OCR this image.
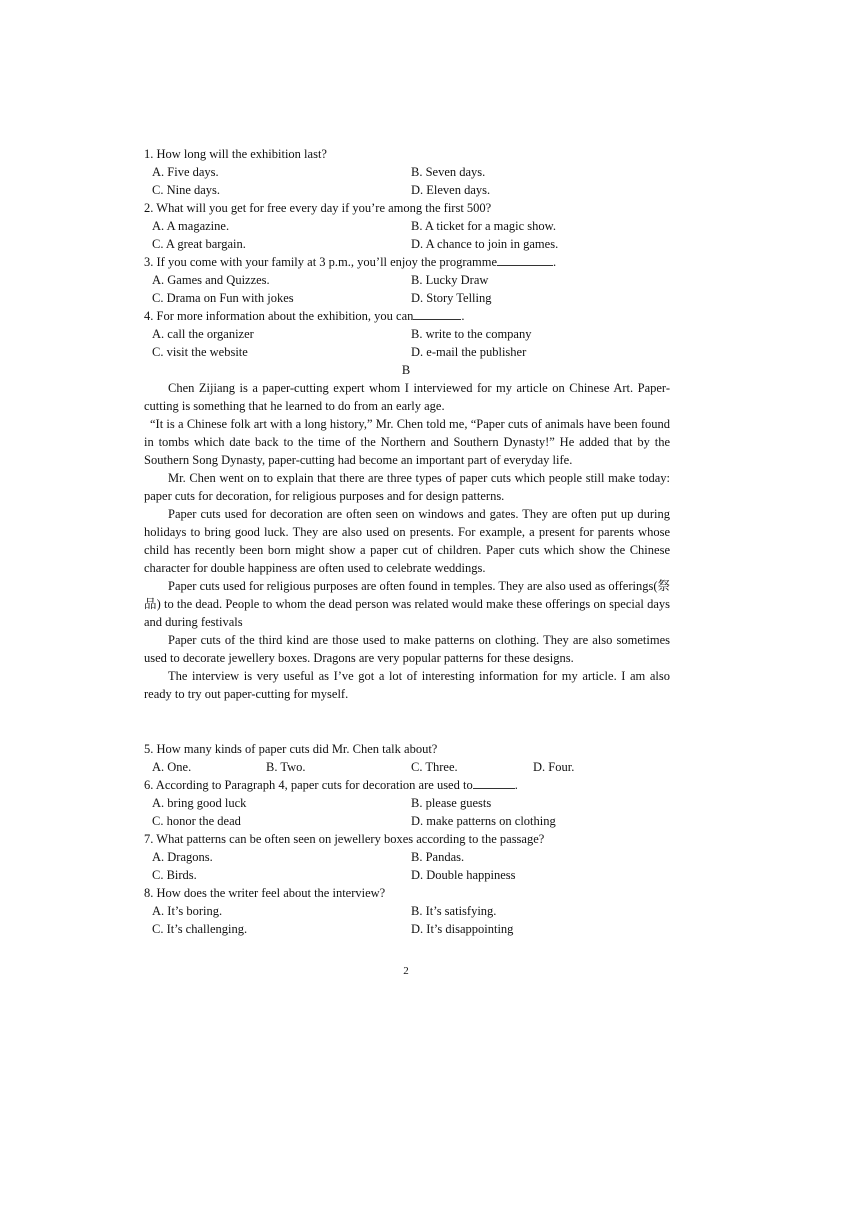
1. How long will the exhibition last?
A. Five days.	B. Seven days.
C. Nine days.	D. Eleven days.
2. What will you get for free every day if you’re among the first 500?
A. A magazine.	B. A ticket for a magic show.
C. A great bargain.	D. A chance to join in games.
3. If you come with your family at 3 p.m., you’ll enjoy the programme	.
A. Games and Quizzes.	B. Lucky Draw
C. Drama on Fun with jokes	D. Story Telling
4. For more information about the exhibition, you can	.
A. call the organizer	B. write to the company
C. visit the website	D. e-mail the publisher
B

Chen Zijiang is a paper-cutting expert whom I interviewed for my article on Chinese Art. Paper-cutting is something that he learned to do from an early age.

“It is a Chinese folk art with a long history,” Mr. Chen told me, “Paper cuts of animals have been found in tombs which date back to the time of the Northern and Southern Dynasty!” He added that by the Southern Song Dynasty, paper-cutting had become an important part of everyday life.

Mr. Chen went on to explain that there are three types of paper cuts which people still make today: paper cuts for decoration, for religious purposes and for design patterns.

Paper cuts used for decoration are often seen on windows and gates. They are often put up during holidays to bring good luck. They are also used on presents. For example, a present for parents whose child has recently been born might show a paper cut of children. Paper cuts which show the Chinese character for double happiness are often used to celebrate weddings.

Paper cuts used for religious purposes are often found in temples. They are also used as offerings(祭品) to the dead. People to whom the dead person was related would make these offerings on special days and during festivals

Paper cuts of the third kind are those used to make patterns on clothing. They are also sometimes used to decorate jewellery boxes. Dragons are very popular patterns for these designs.

The interview is very useful as I’ve got a lot of interesting information for my article. I am also ready to try out paper-cutting for myself.

5. How many kinds of paper cuts did Mr. Chen talk about?
A. One.	B. Two.	C. Three.	D. Four.
6. According to Paragraph 4, paper cuts for decoration are used to	.
A. bring good luck	B. please guests
C. honor the dead	D. make patterns on clothing
7. What patterns can be often seen on jewellery boxes according to the passage?
A. Dragons.	B. Pandas.
C. Birds.	D. Double happiness
8. How does the writer feel about the interview?
A. It’s boring.	B. It’s satisfying.
C. It’s challenging.	D. It’s disappointing
2
